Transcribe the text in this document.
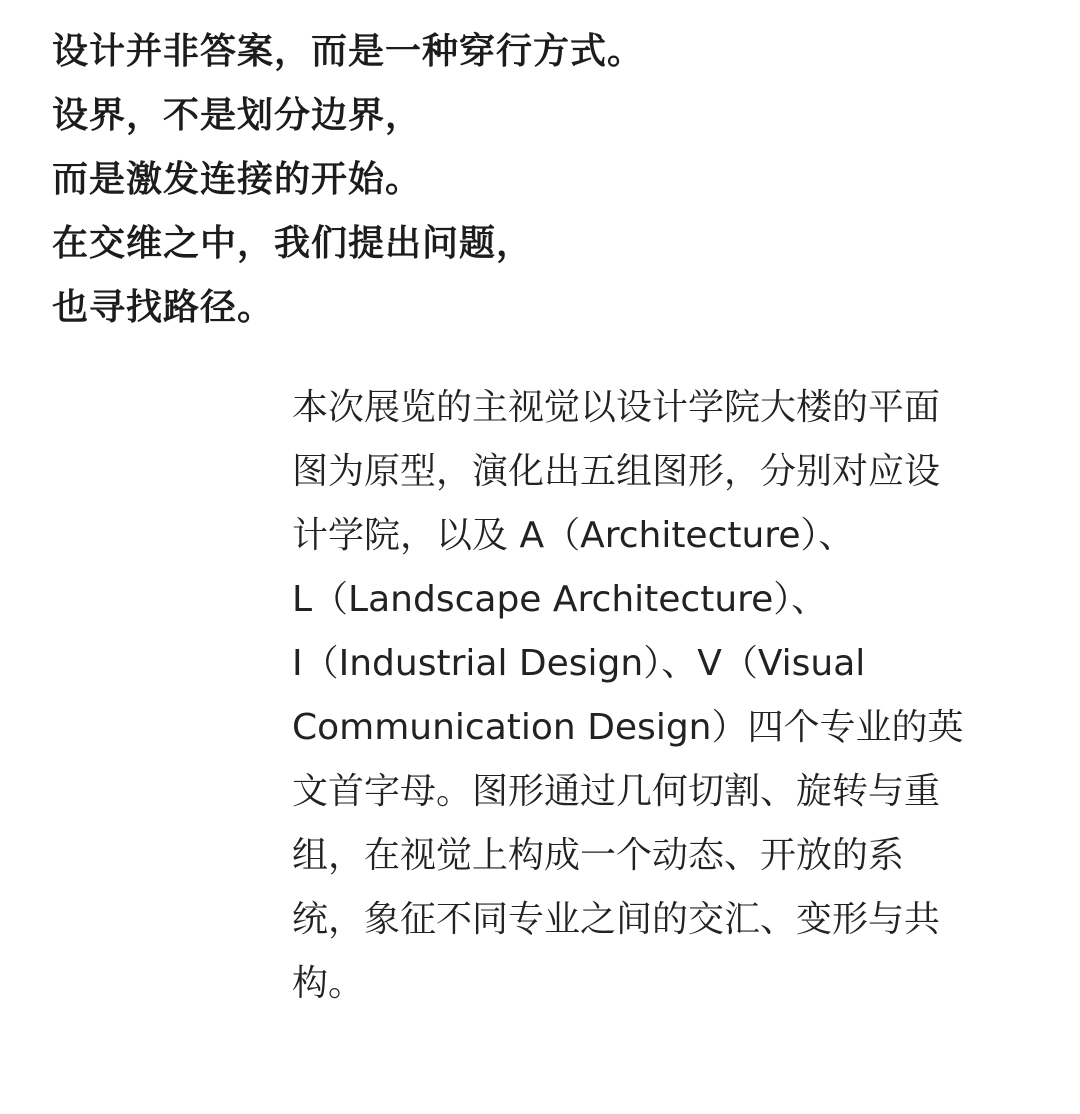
设计并非答案，而是一种穿行方式。
设界，不是划分边界，
而是激发连接的开始。
在交维之中，我们提出问题，
也寻找路径。
本次展览的主视觉以设计学院大楼的平面
图为原型，演化出五组图形，分别对应设
计学院，以及 A（Architecture）、
L（Landscape Architecture）、
I（Industrial Design）、V（Visual
Communication Design）四个专业的英
文首字母。图形通过几何切割、旋转与重
组，在视觉上构成一个动态、开放的系
统，象征不同专业之间的交汇、变形与共
构。
